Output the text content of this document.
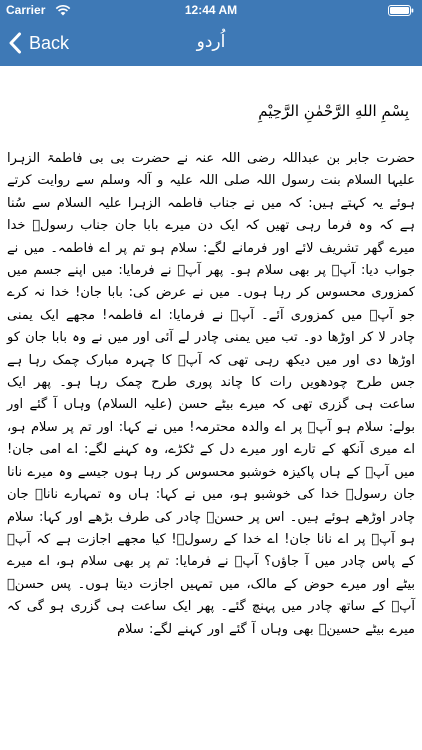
Carrier	12:44 AM
Back	اُردو
بِسْمِ اللهِ الرَّحْمٰنِ الرَّحِيْمِ
حضرت جابر بن عبداللہ رضی اللہ عنہ نے حضرت بی بی فاطمۃ الزہرا علیہا السلام بنت رسول اللہ صلی اللہ علیہ و آلہ وسلم سے روایت کرتے ہوئے یہ کہتے ہیں: کہ میں نے جناب فاطمہ الزہرا علیہ السلام سے سُنا ہے کہ وہ فرما رہی تھیں کہ ایک دن میرے بابا جان جناب رسولؐ خدا میرے گھر تشریف لائے اور فرمانے لگے: سلام ہو تم پر اے فاطمہ۔ میں نے جواب دیا: آپؐ پر بھی سلام ہو۔ پھر آپؐ نے فرمایا: میں اپنے جسم میں کمزوری محسوس کر رہا ہوں۔ میں نے عرض کی: بابا جان! خدا نہ کرے جو آپؐ میں کمزوری آئے۔ آپؐ نے فرمایا: اے فاطمہ! مجھے ایک یمنی چادر لا کر اوڑھا دو۔ تب میں یمنی چادر لے آئی اور میں نے وہ بابا جان کو اوڑھا دی اور میں دیکھ رہی تھی کہ آپؐ کا چہرہ مبارک چمک رہا ہے جس طرح چودھویں رات کا چاند پوری طرح چمک رہا ہو۔ پھر ایک ساعت ہی گزری تھی کہ میرے بیٹے حسن (علیہ السلام) وہاں آ گئے اور بولے: سلام ہو آپؐ پر اے والدہ محترمہ! میں نے کہا: اور تم پر سلام ہو، اے میری آنکھ کے تارے اور میرے دل کے ٹکڑے، وہ کہنے لگے: اے امی جان! میں آپؐ کے ہاں پاکیزہ خوشبو محسوس کر رہا ہوں جیسے وہ میرے نانا جان رسولؐ خدا کی خوشبو ہو، میں نے کہا: ہاں وہ تمہارے ناناؐ جان چادر اوڑھے ہوئے ہیں۔ اس پر حسنؑ چادر کی طرف بڑھے اور کہا: سلام ہو آپؐ پر اے نانا جان! اے خدا کے رسولؐ! کیا مجھے اجازت ہے کہ آپؐ کے پاس چادر میں آ جاؤں؟ آپؐ نے فرمایا: تم پر بھی سلام ہو، اے میرے بیٹے اور میرے حوض کے مالک، میں تمہیں اجازت دیتا ہوں۔ پس حسنؑ آپؐ کے ساتھ چادر میں پہنچ گئے۔ پھر ایک ساعت ہی گزری ہو گی کہ میرے بیٹے حسینؑ بھی وہاں آ گئے اور کہنے لگے: سلام
